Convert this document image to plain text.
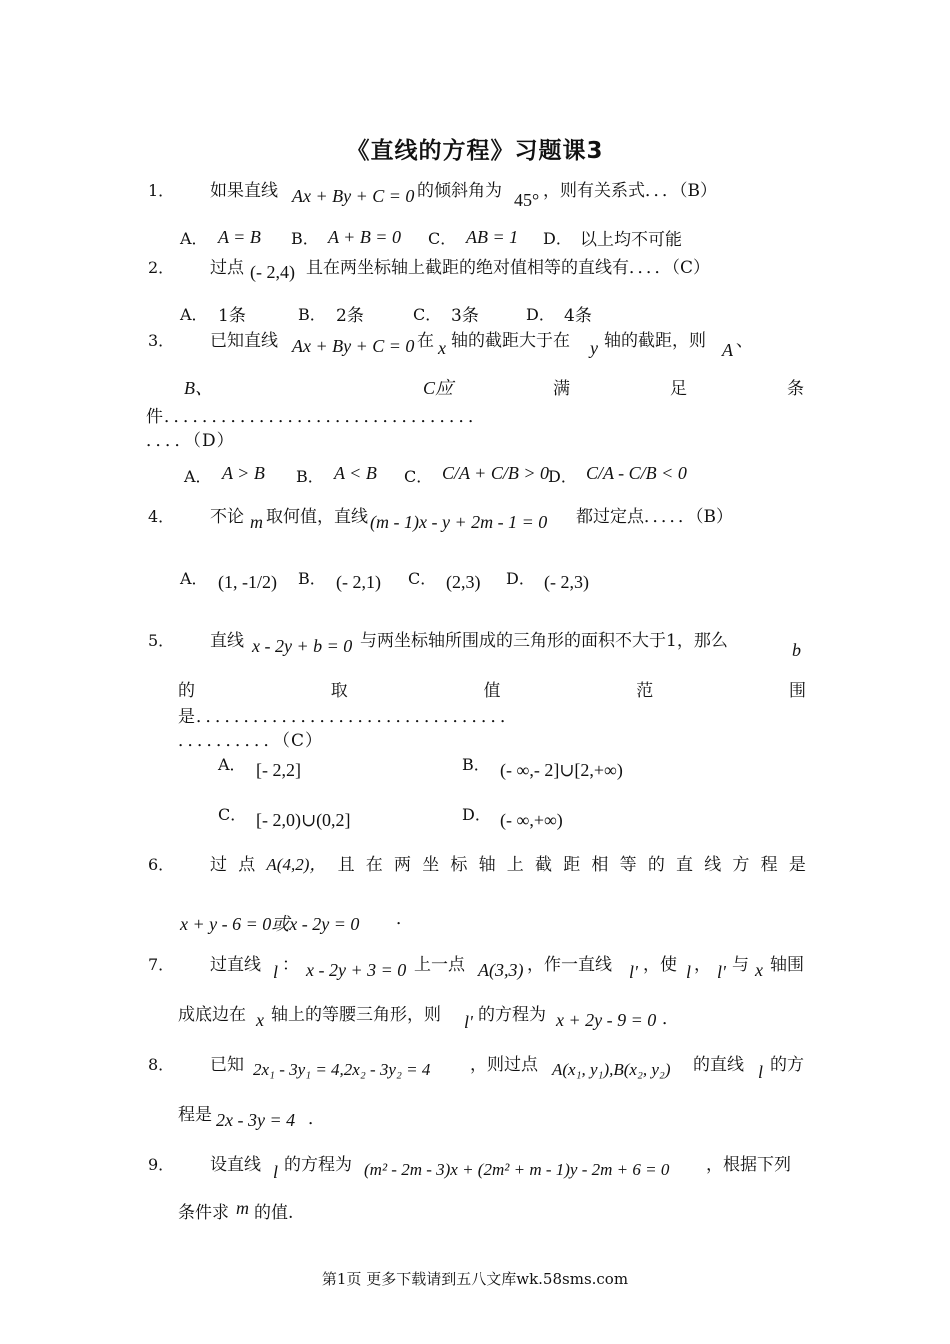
《直线的方程》习题课3
1． 如果直线 Ax + By + C = 0 的倾斜角为 45° ，则有关系式．．．（B）
A． A = B B． A + B = 0 C． AB = 1 D． 以上均不可能
2． 过点 (- 2,4) 且在两坐标轴上截距的绝对值相等的直线有．．．．（C）
A． 1条	B． 2条	C． 3条	D． 4条
3． 已知直线 Ax + By + C = 0 在 x 轴的截距大于在 y 轴的截距，则 A 、
B、	C应	满	足	条
件．．．．．．．．．．．．．．．．．．．．．．．．．．．．．．．．．
．．．．（D）
A． A > B B． A < B C． C/A + C/B > 0 D． C/A - C/B < 0
4． 不论 m 取何值，直线 (m - 1)x - y + 2m - 1 = 0 都过定点．．．．．（B）
A． (1, -1/2) B． (- 2,1) C． (2,3) D． (- 2,3)
5． 直线 x - 2y + b = 0 与两坐标轴所围成的三角形的面积不大于1，那么	b
的	取	值	范	围
是．．．．．．．．．．．．．．．．．．．．．．．．．．．．．．．．．
．．．．．．．．．．（C）
A． [- 2,2]	B． (- ∞,- 2]∪[2,+∞)
C． [- 2,0)∪(0,2]	D． (- ∞,+∞)
6． 过 点 A(4,2)， 且 在 两 坐 标 轴 上 截 距 相 等 的 直 线 方 程 是
x + y - 6 = 0或x - 2y = 0 ．
7． 过直线 l ： x - 2y + 3 = 0 上一点 A(3,3) ，作一直线 l' ，使 l ， l' 与 x 轴围
成底边在 x 轴上的等腰三角形，则 l' 的方程为 x + 2y - 9 = 0 ．
8． 已知 2x₁ - 3y₁ = 4,2x₂ - 3y₂ = 4 ，则过点 A(x₁, y₁),B(x₂, y₂) 的直线 l 的方
程是 2x - 3y = 4 ．
9． 设直线 l 的方程为 (m² - 2m - 3)x + (2m² + m - 1)y - 2m + 6 = 0 ，根据下列
条件求 m 的值.
第1页 更多下载请到五八文库wk.58sms.com
